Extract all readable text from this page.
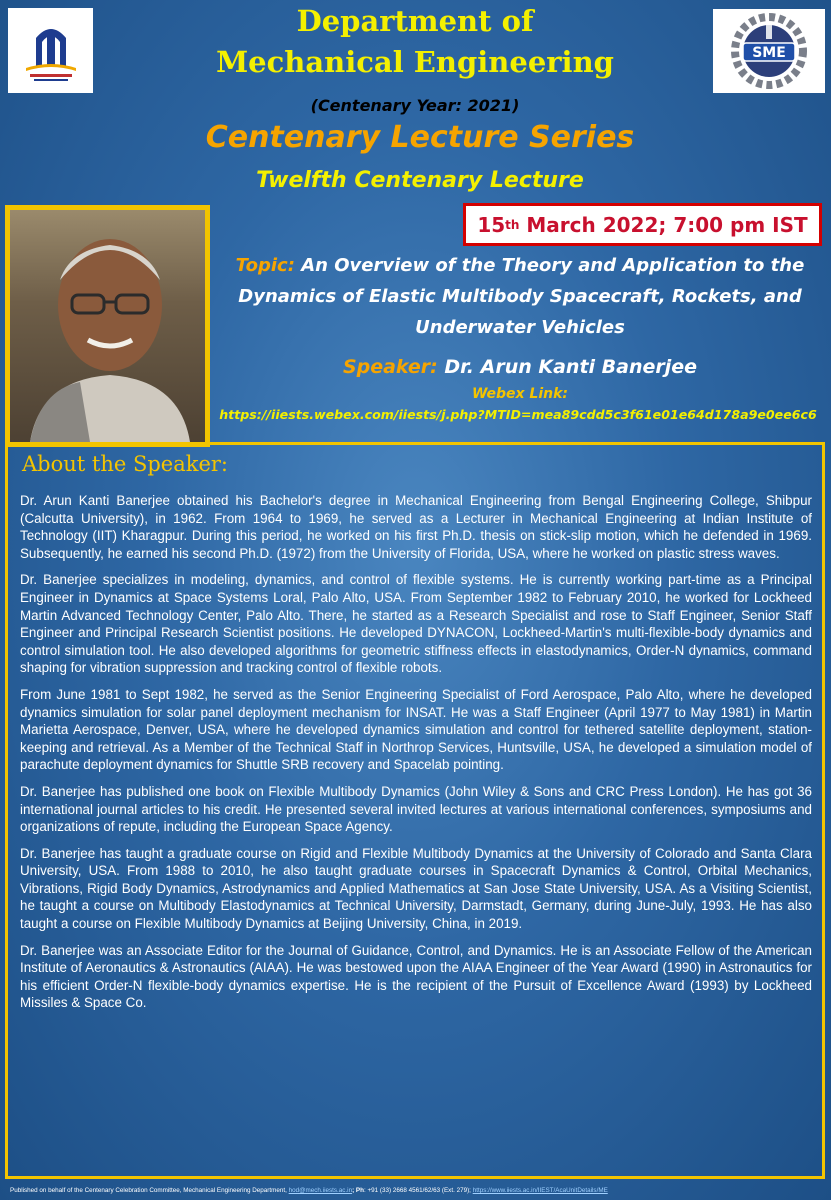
SME
Department of
Mechanical Engineering
(Centenary Year: 2021)
Centenary Lecture Series
Twelfth Centenary Lecture
15 th March 2022; 7:00 pm IST
Topic: An Overview of the Theory and Application to the Dynamics of Elastic Multibody Spacecraft, Rockets, and Underwater Vehicles
Speaker: Dr. Arun Kanti Banerjee
Webex Link:
https://iiests.webex.com/iiests/j.php?MTID=mea89cdd5c3f61e01e64d178a9e0ee6c6
About the Speaker:

Dr. Arun Kanti Banerjee obtained his Bachelor's degree in Mechanical Engineering from Bengal Engineering College, Shibpur (Calcutta University), in 1962. From 1964 to 1969, he served as a Lecturer in Mechanical Engineering at Indian Institute of Technology (IIT) Kharagpur. During this period, he worked on his first Ph.D. thesis on stick-slip motion, which he defended in 1969. Subsequently, he earned his second Ph.D. (1972) from the University of Florida, USA, where he worked on plastic stress waves.

Dr. Banerjee specializes in modeling, dynamics, and control of flexible systems. He is currently working part-time as a Principal Engineer in Dynamics at Space Systems Loral, Palo Alto, USA. From September 1982 to February 2010, he worked for Lockheed Martin Advanced Technology Center, Palo Alto. There, he started as a Research Specialist and rose to Staff Engineer, Senior Staff Engineer and Principal Research Scientist positions. He developed DYNACON, Lockheed-Martin's multi-flexible-body dynamics and control simulation tool. He also developed algorithms for geometric stiffness effects in elastodynamics, Order-N dynamics, command shaping for vibration suppression and tracking control of flexible robots.

From June 1981 to Sept 1982, he served as the Senior Engineering Specialist of Ford Aerospace, Palo Alto, where he developed dynamics simulation for solar panel deployment mechanism for INSAT. He was a Staff Engineer (April 1977 to May 1981) in Martin Marietta Aerospace, Denver, USA, where he developed dynamics simulation and control for tethered satellite deployment, station-keeping and retrieval. As a Member of the Technical Staff in Northrop Services, Huntsville, USA, he developed a simulation model of parachute deployment dynamics for Shuttle SRB recovery and Spacelab pointing.

Dr. Banerjee has published one book on Flexible Multibody Dynamics (John Wiley & Sons and CRC Press London). He has got 36 international journal articles to his credit. He presented several invited lectures at various international conferences, symposiums and organizations of repute, including the European Space Agency.

Dr. Banerjee has taught a graduate course on Rigid and Flexible Multibody Dynamics at the University of Colorado and Santa Clara University, USA. From 1988 to 2010, he also taught graduate courses in Spacecraft Dynamics & Control, Orbital Mechanics, Vibrations, Rigid Body Dynamics, Astrodynamics and Applied Mathematics at San Jose State University, USA. As a Visiting Scientist, he taught a course on Multibody Elastodynamics at Technical University, Darmstadt, Germany, during June-July, 1993. He has also taught a course on Flexible Multibody Dynamics at Beijing University, China, in 2019.

Dr. Banerjee was an Associate Editor for the Journal of Guidance, Control, and Dynamics. He is an Associate Fellow of the American Institute of Aeronautics & Astronautics (AIAA). He was bestowed upon the AIAA Engineer of the Year Award (1990) in Astronautics for his efficient Order-N flexible-body dynamics expertise. He is the recipient of the Pursuit of Excellence Award (1993) by Lockheed Missiles & Space Co.

Published on behalf of the Centenary Celebration Committee, Mechanical Engineering Department, hod@mech.iiests.ac.in; Ph: +91 (33) 2668 4561/62/63 (Ext. 279); https://www.iiests.ac.in/IIEST/AcaUnitDetails/ME
